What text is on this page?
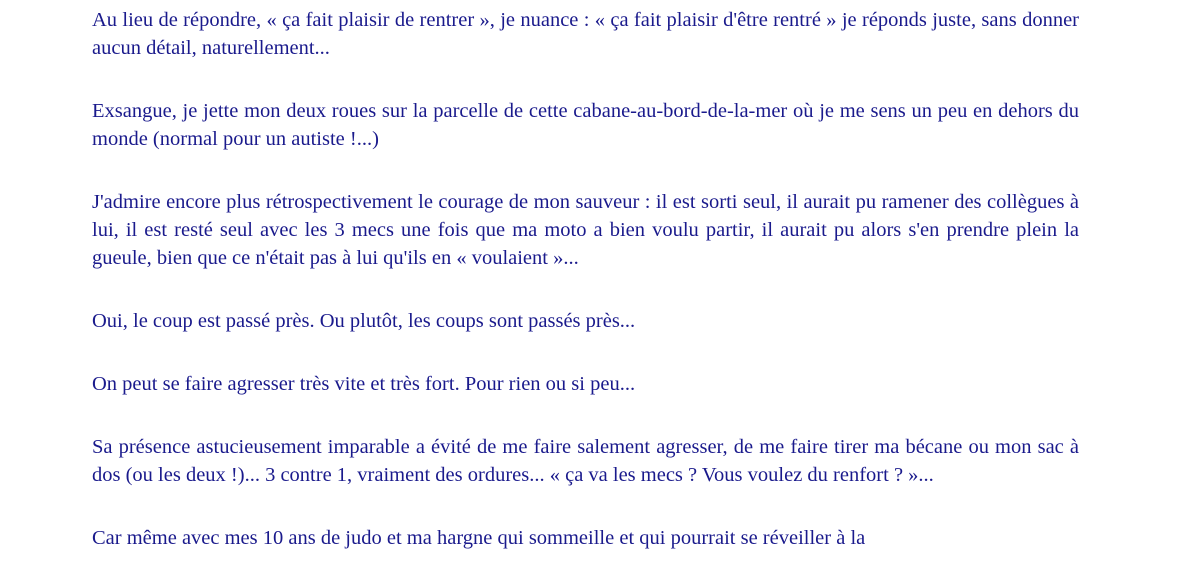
Au lieu de répondre, « ça fait plaisir de rentrer », je nuance : « ça fait plaisir d'être rentré » je réponds juste, sans donner aucun détail, naturellement...

Exsangue, je jette mon deux roues sur la parcelle de cette cabane-au-bord-de-la-mer où je me sens un peu en dehors du monde (normal pour un autiste !...)

J'admire encore plus rétrospectivement le courage de mon sauveur : il est sorti seul, il aurait pu ramener des collègues à lui, il est resté seul avec les 3 mecs une fois que ma moto a bien voulu partir, il aurait pu alors s'en prendre plein la gueule, bien que ce n'était pas à lui qu'ils en « voulaient »...

Oui, le coup est passé près. Ou plutôt, les coups sont passés près...

On peut se faire agresser très vite et très fort. Pour rien ou si peu...

Sa présence astucieusement imparable a évité de me faire salement agresser, de me faire tirer ma bécane ou mon sac à dos (ou les deux !)... 3 contre 1, vraiment des ordures... « ça va les mecs ? Vous voulez du renfort ? »...

Car même avec mes 10 ans de judo et ma hargne qui sommeille et qui pourrait se réveiller à la
